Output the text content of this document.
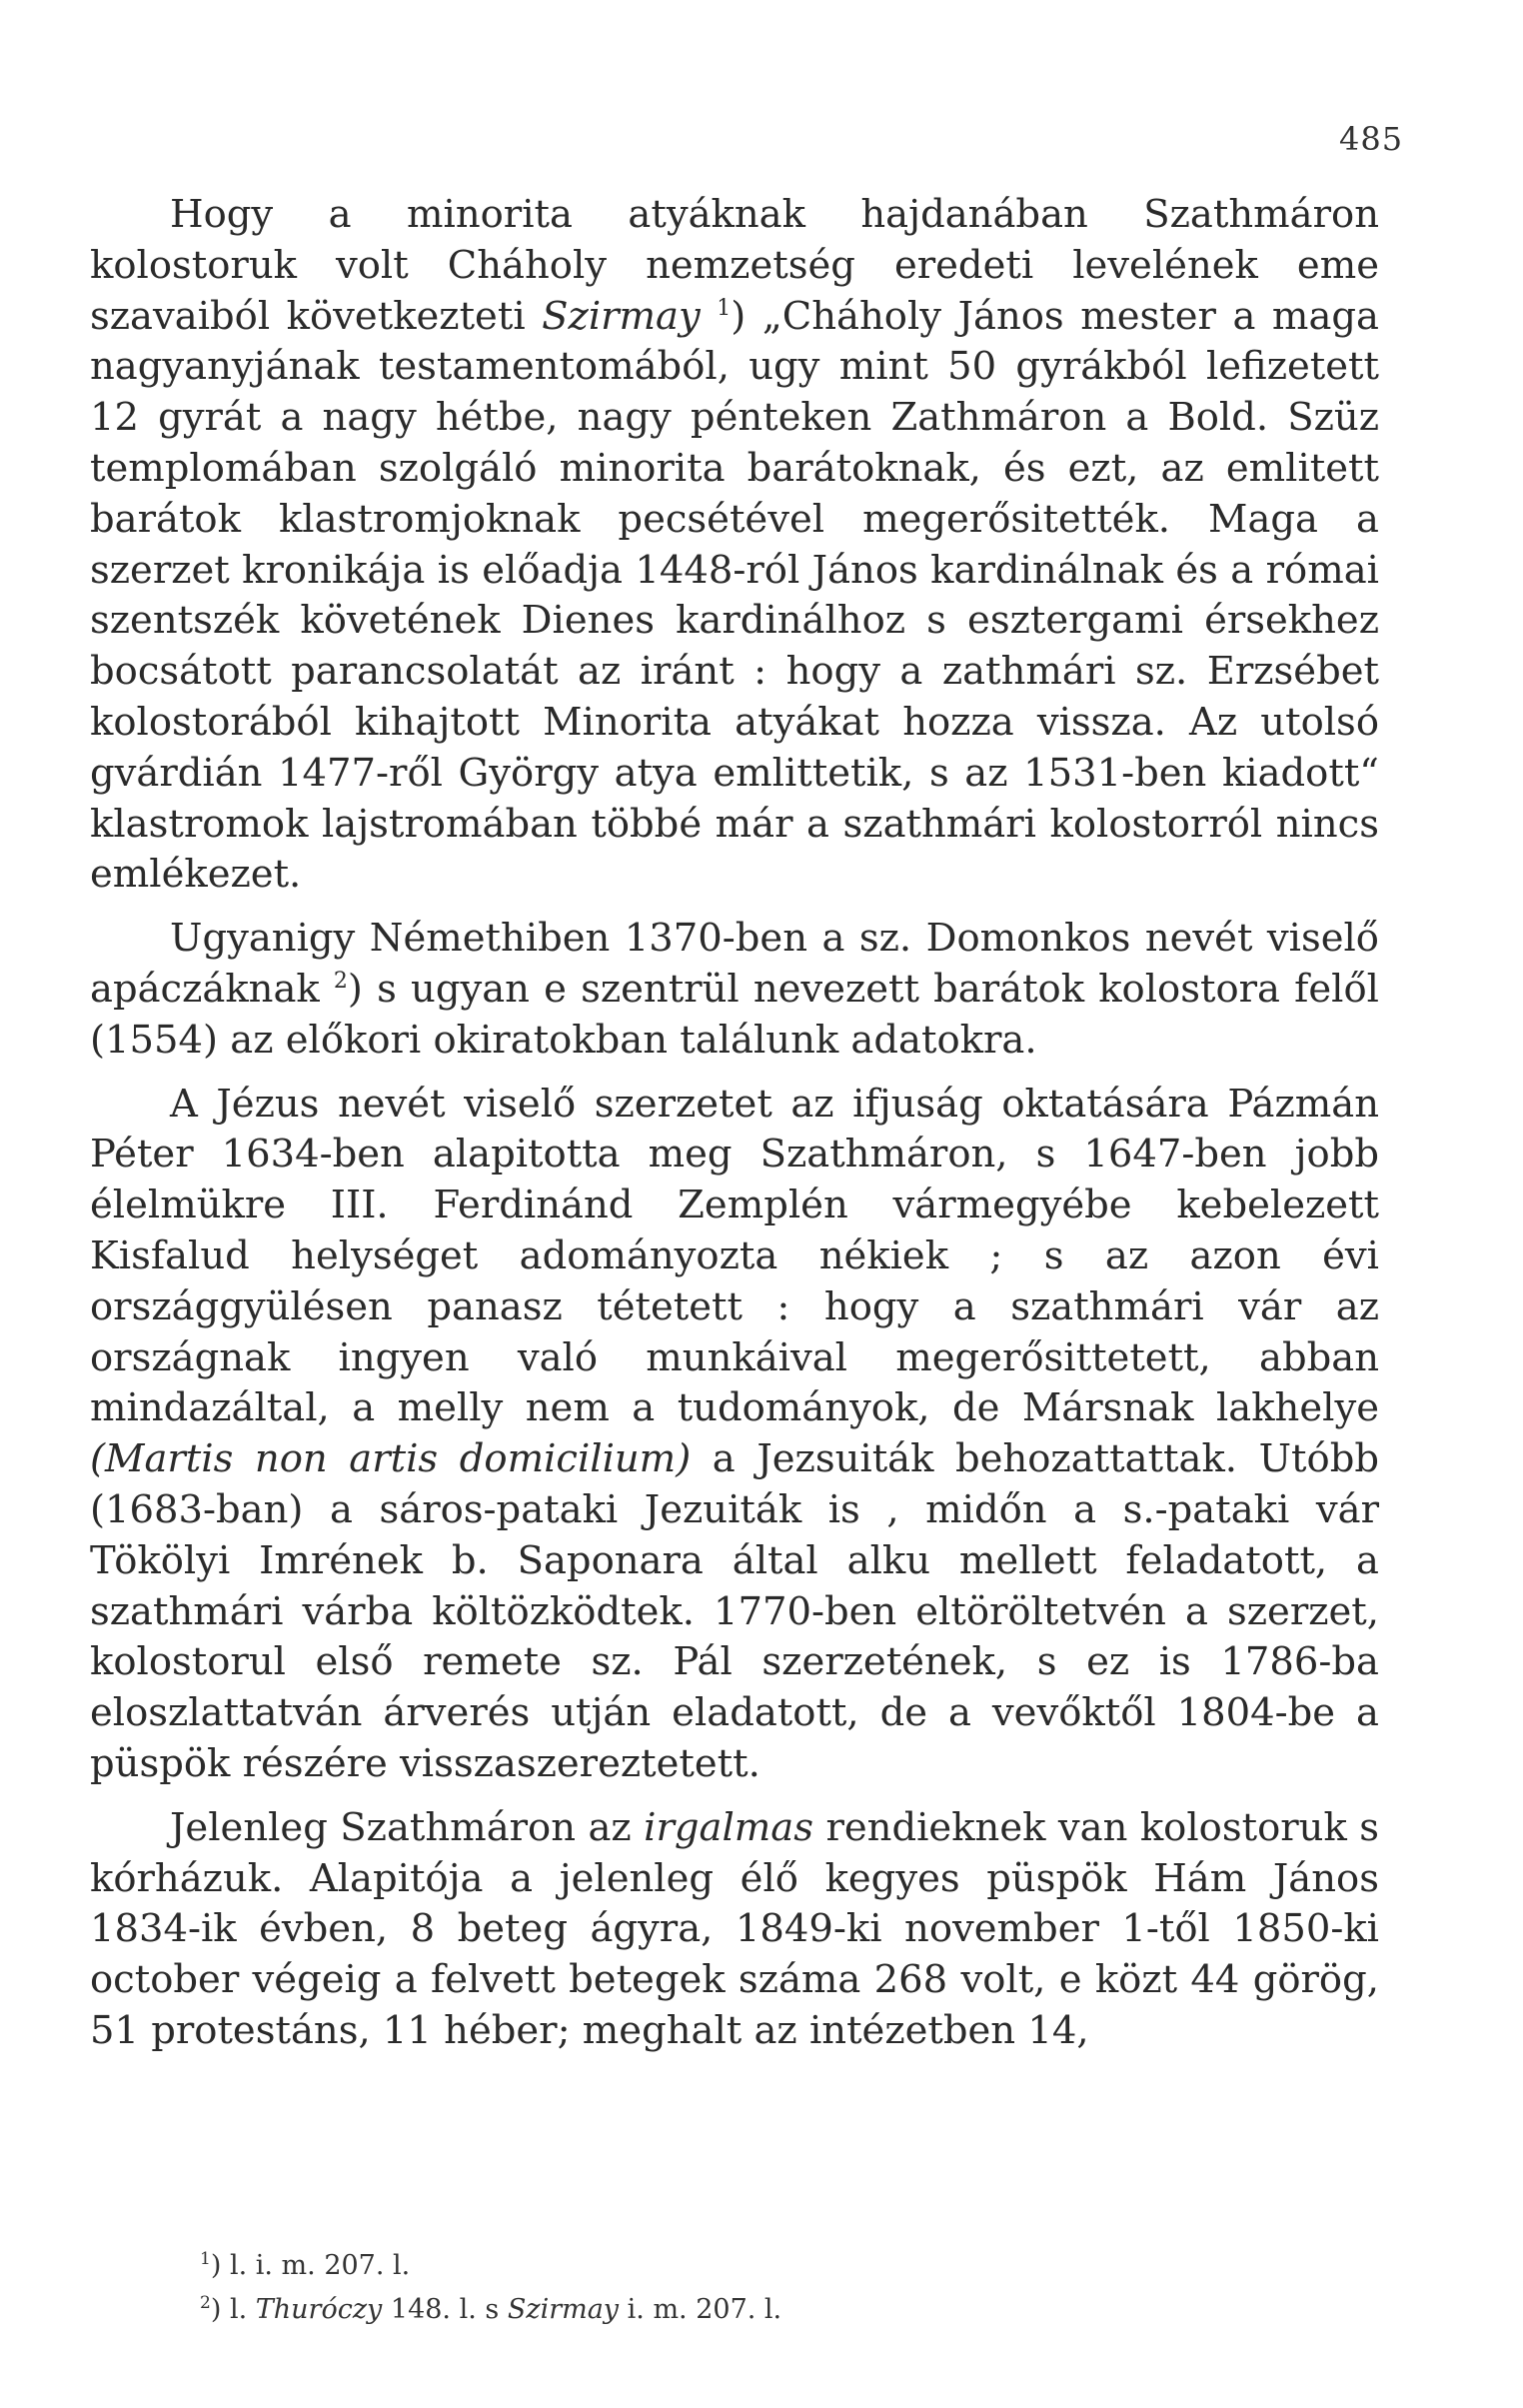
485

Hogy a minorita atyáknak hajdanában Szathmáron kolostoruk volt Cháholy nemzetség eredeti levelének eme szavaiból következteti Szirmay $^1$) „Cháholy János mester a maga nagyanyjának testamentomából, ugy mint 50 gyrákból lefizetett 12 gyrát a nagy hétbe, nagy pénteken Zathmáron a Bold. Szüz templomában szolgáló minorita barátoknak, és ezt, az emlitett barátok klastromjoknak pecsétével megerősitették. Maga a szerzet kronikája is előadja 1448-ról János kardinálnak és a római szentszék követének Dienes kardinálhoz s esztergami érsekhez bocsátott parancsolatát az iránt : hogy a zathmári sz. Erzsébet kolostorából kihajtott Minorita atyákat hozza vissza. Az utolsó gvárdián 1477-ről György atya emlittetik, s az 1531-ben kiadott“ klastromok lajstromában többé már a szathmári kolostorról nincs emlékezet.

Ugyanigy Némethiben 1370-ben a sz. Domonkos nevét viselő apáczáknak $^2$) s ugyan e szentrül nevezett barátok kolostora felől (1554) az előkori okiratokban találunk adatokra.

A Jézus nevét viselő szerzetet az ifjuság oktatására Pázmán Péter 1634-ben alapitotta meg Szathmáron, s 1647-ben jobb élelmükre III. Ferdinánd Zemplén vármegyébe kebelezett Kisfalud helységet adományozta nékiek ; s az azon évi országgyülésen panasz tétetett : hogy a szathmári vár az országnak ingyen való munkáival megerősittetett, abban mindazáltal, a melly nem a tudományok, de Mársnak lakhelye (Martis non artis domicilium) a Jezsuiták behozattattak. Utóbb (1683-ban) a sáros-pataki Jezuiták is , midőn a s.-pataki vár Tökölyi Imrének b. Saponara által alku mellett feladatott, a szathmári várba költözködtek. 1770-ben eltöröltetvén a szerzet, kolostorul első remete sz. Pál szerzetének, s ez is 1786-ba eloszlattatván árverés utján eladatott, de a vevőktől 1804-be a püspök részére visszaszereztetett.

Jelenleg Szathmáron az irgalmas rendieknek van kolostoruk s kórházuk. Alapitója a jelenleg élő kegyes püspök Hám János 1834-ik évben, 8 beteg ágyra, 1849-ki november 1-től 1850-ki october végeig a felvett betegek száma 268 volt, e közt 44 görög, 51 protestáns, 11 héber; meghalt az intézetben 14,

$^1$) l. i. m. 207. l.
$^2$) l. Thuróczy 148. l. s Szirmay i. m. 207. l.
